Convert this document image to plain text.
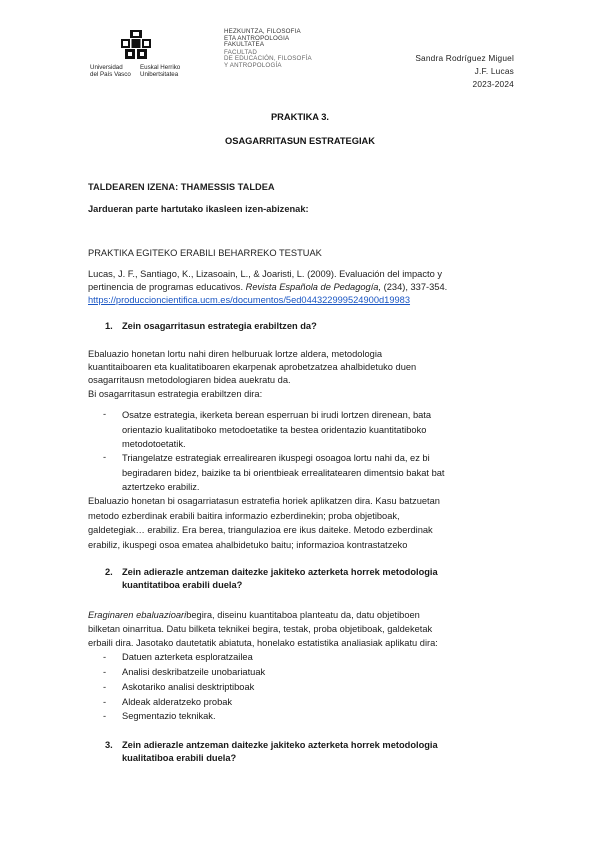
Universidad
del País Vasco
Euskal Herriko
Unibertsitatea
HEZKUNTZA, FILOSOFIA
ETA ANTROPOLOGIA
FAKULTATEA
FACULTAD
DE EDUCACIÓN, FILOSOFÍA
Y ANTROPOLOGÍA
Sandra Rodríguez Miguel
J.F. Lucas
2023-2024
PRAKTIKA 3.
OSAGARRITASUN ESTRATEGIAK
TALDEAREN IZENA: THAMESSIS TALDEA
Jardueran parte hartutako ikasleen izen-abizenak:
PRAKTIKA EGITEKO ERABILI BEHARREKO TESTUAK
Lucas, J. F., Santiago, K., Lizasoain, L., & Joaristi, L. (2009). Evaluación del impacto y
pertinencia de programas educativos. Revista Española de Pedagogía, (234), 337-354.
https://produccioncientifica.ucm.es/documentos/5ed044322999524900d19983
1. Zein osagarritasun estrategia erabiltzen da?
Ebaluazio honetan lortu nahi diren helburuak lortze aldera, metodologia
kuantitaiboaren eta kualitatiboaren ekarpenak aprobetzatzea ahalbidetuko duen
osagarritausn metodologiaren bidea auekratu da.
Bi osagarritasun estrategia erabiltzen dira:
- Osatze estrategia, ikerketa berean esperruan bi irudi lortzen direnean, bata
orientazio kualitatiboko metodoetatike ta bestea oridentazio kuantitatiboko
metodotoetatik.
- Triangelatze estrategiak errealirearen ikuspegi osoagoa lortu nahi da, ez bi
begiradaren bidez, baizike ta bi orientbieak errealitatearen dimentsio bakat bat
aztertzeko erabiliz.
Ebaluazio honetan bi osagarriatasun estratefia horiek aplikatzen dira. Kasu batzuetan
metodo ezberdinak erabili baitira informazio ezberdinekin; proba objetiboak,
galdetegiak… erabiliz. Era berea, triangulazioa ere ikus daiteke. Metodo ezberdinak
erabiliz, ikuspegi osoa ematea ahalbidetuko baitu; informazioa kontrastatzeko
2. Zein adierazle antzeman daitezke jakiteko azterketa horrek metodologia
kuantitatiboa erabili duela?
Eraginaren ebaluazioaribegira, diseinu kuantitaboa planteatu da, datu objetiboen
bilketan oinarritua. Datu bilketa teknikei begira, testak, proba objetiboak, galdeketak
erbaili dira. Jasotako dautetatik abiatuta, honelako estatistika analiasiak aplikatu dira:
- Datuen azterketa esploratzailea
- Analisi deskribatzeile unobariatuak
- Askotariko analisi desktriptiboak
- Aldeak alderatzeko probak
- Segmentazio teknikak.
3. Zein adierazle antzeman daitezke jakiteko azterketa horrek metodologia
kualitatiboa erabili duela?
